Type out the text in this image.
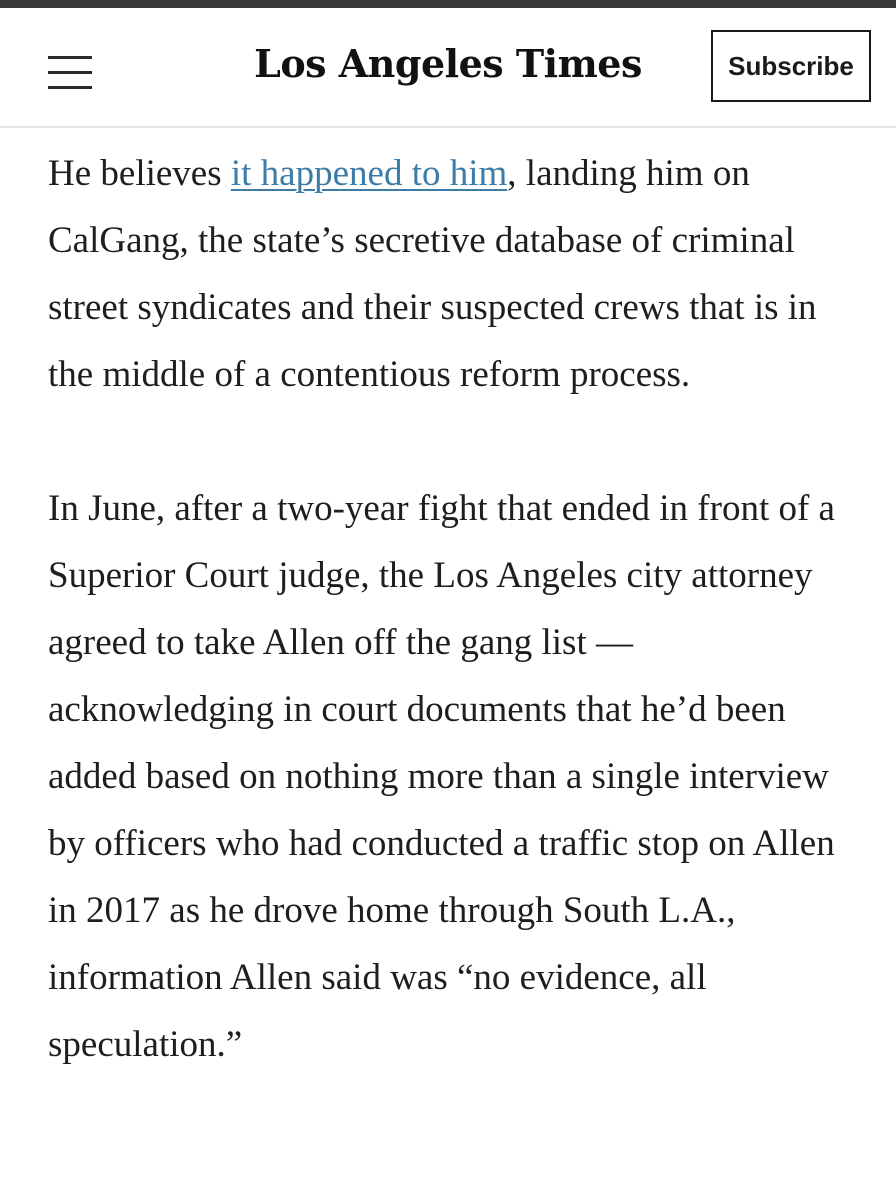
Los Angeles Times	Subscribe

He believes it happened to him, landing him on CalGang, the state’s secretive database of criminal street syndicates and their suspected crews that is in the middle of a contentious reform process.

In June, after a two-year fight that ended in front of a Superior Court judge, the Los Angeles city attorney agreed to take Allen off the gang list — acknowledging in court documents that he’d been added based on nothing more than a single interview by officers who had conducted a traffic stop on Allen in 2017 as he drove home through South L.A., information Allen said was “no evidence, all speculation.”
